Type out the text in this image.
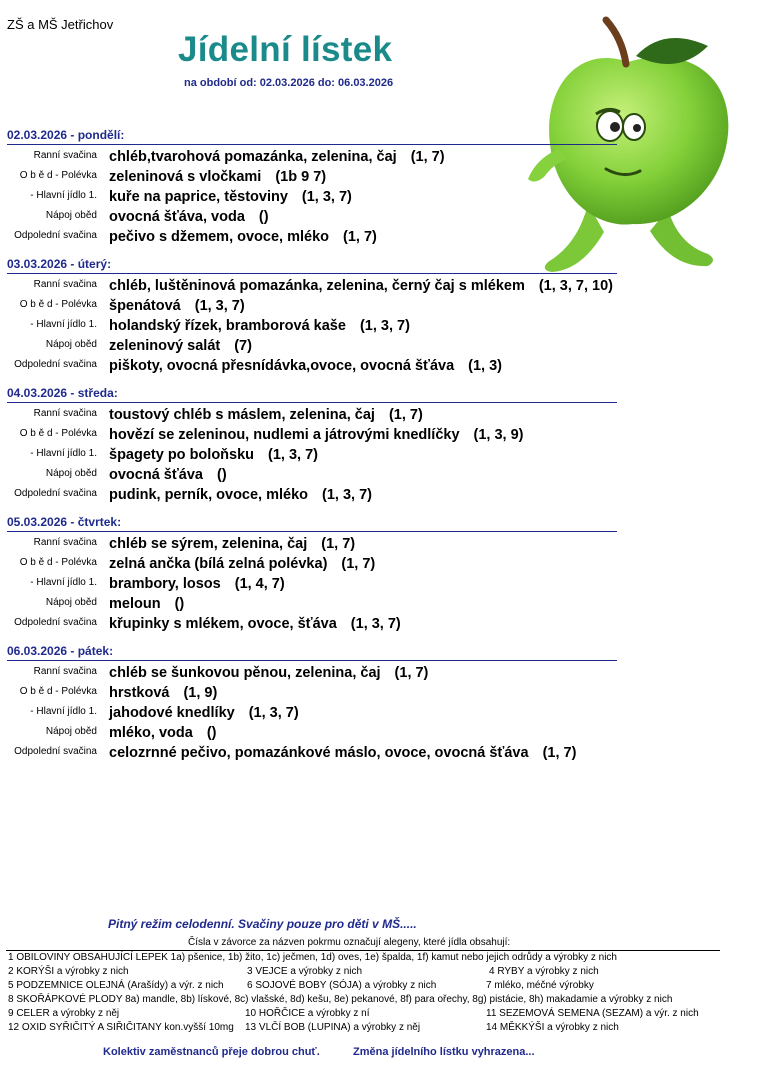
ZŠ a MŠ Jetřichov
Jídelní lístek
na období od: 02.03.2026 do: 06.03.2026
02.03.2026 - pondělí:
Ranní svačina chléb,tvarohová pomazánka, zelenina, čaj (1, 7)
O b ě d - Polévka zeleninová s vločkami (1b 9 7)
- Hlavní jídlo 1. kuře na paprice, těstoviny (1, 3, 7)
Nápoj oběd ovocná šťáva, voda ()
Odpolední svačina pečivo s džemem, ovoce, mléko (1, 7)
03.03.2026 - úterý:
Ranní svačina chléb, luštěninová pomazánka, zelenina, černý čaj s mlékem (1, 3, 7, 10)
O b ě d - Polévka špenátová (1, 3, 7)
- Hlavní jídlo 1. holandský řízek, bramborová kaše (1, 3, 7)
Nápoj oběd zeleninový salát (7)
Odpolední svačina piškoty, ovocná přesnídávka,ovoce, ovocná šťáva (1, 3)
04.03.2026 - středa:
Ranní svačina toustový chléb s máslem, zelenina, čaj (1, 7)
O b ě d - Polévka hovězí se zeleninou, nudlemi a játrovými knedlíčky (1, 3, 9)
- Hlavní jídlo 1. špagety po boloňsku (1, 3, 7)
Nápoj oběd ovocná šťáva ()
Odpolední svačina pudink, perník, ovoce, mléko (1, 3, 7)
05.03.2026 - čtvrtek:
Ranní svačina chléb se sýrem, zelenina, čaj (1, 7)
O b ě d - Polévka zelná ančka (bílá zelná polévka) (1, 7)
- Hlavní jídlo 1. brambory, losos (1, 4, 7)
Nápoj oběd meloun ()
Odpolední svačina křupinky s mlékem, ovoce, šťáva (1, 3, 7)
06.03.2026 - pátek:
Ranní svačina chléb se šunkovou pěnou, zelenina, čaj (1, 7)
O b ě d - Polévka hrstková (1, 9)
- Hlavní jídlo 1. jahodové knedlíky (1, 3, 7)
Nápoj oběd mléko, voda ()
Odpolední svačina celozrnné pečivo, pomazánkové máslo, ovoce, ovocná šťáva (1, 7)
Pitný režim celodenní. Svačiny pouze pro děti v MŠ.....
Čísla v závorce za názven pokrmu označují alegeny, které jídla obsahují:
1 OBILOVINY OBSAHUJÍCÍ LEPEK 1a) pšenice, 1b) žito, 1c) ječmen, 1d) oves, 1e) špalda, 1f) kamut nebo jejich odrůdy a výrobky z nich
2 KORÝŠI a výrobky z nich	3 VEJCE a výrobky z nich	4 RYBY a výrobky z nich
5 PODZEMNICE OLEJNÁ (Arašídy) a výr. z nich 6 SOJOVÉ BOBY (SÓJA) a výrobky z nich	7 mléko, méčné výrobky
8 SKOŘÁPKOVÉ PLODY 8a) mandle, 8b) lískové, 8c) vlašské, 8d) kešu, 8e) pekanové, 8f) para ořechy, 8g) pistácie, 8h) makadamie a výrobky z nich
9 CELER a výrobky z něj	10 HOŘČICE a výrobky z ní	11 SEZEMOVÁ SEMENA (SEZAM) a výr. z nich
12 OXID SYŘIČITÝ A SIŘIČITANY kon.vyšší 10mg 13 VLČÍ BOB (LUPINA) a výrobky z něj	14 MĚKKÝŠI a výrobky z nich
Kolektiv zaměstnanců přeje dobrou chuť.	Změna jídelního lístku vyhrazena...
